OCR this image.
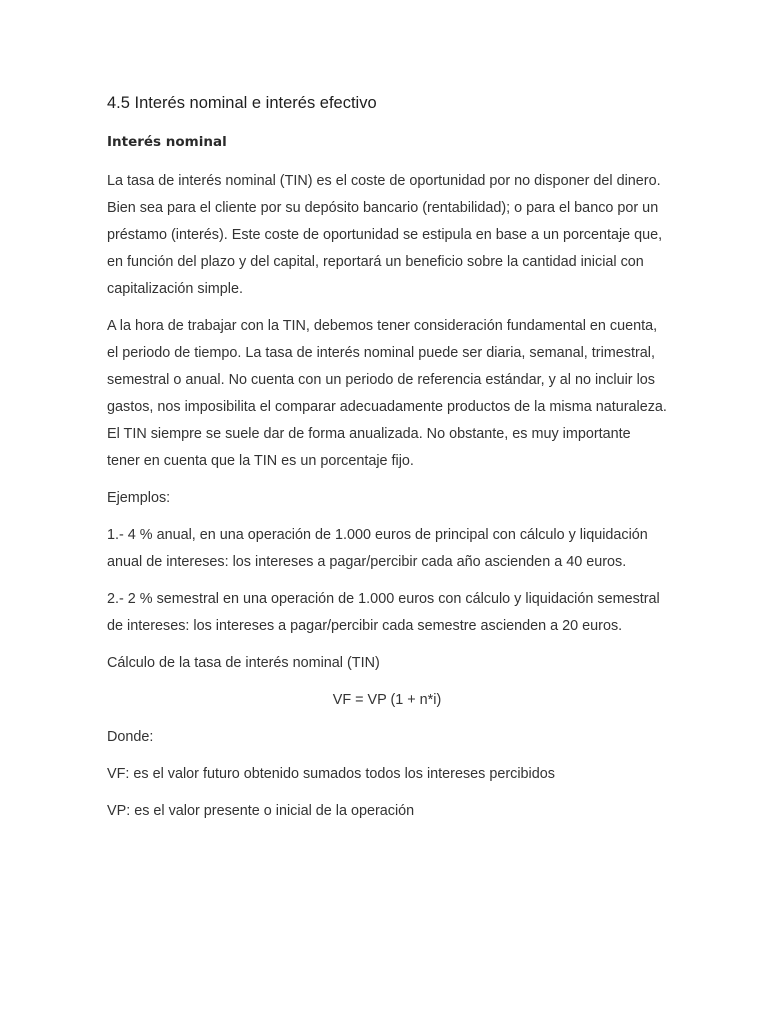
4.5 Interés nominal e interés efectivo
Interés nominal

La tasa de interés nominal (TIN) es el coste de oportunidad por no disponer del dinero. Bien sea para el cliente por su depósito bancario (rentabilidad); o para el banco por un préstamo (interés). Este coste de oportunidad se estipula en base a un porcentaje que, en función del plazo y del capital, reportará un beneficio sobre la cantidad inicial con capitalización simple.

A la hora de trabajar con la TIN, debemos tener consideración fundamental en cuenta, el periodo de tiempo. La tasa de interés nominal puede ser diaria, semanal, trimestral, semestral o anual. No cuenta con un periodo de referencia estándar, y al no incluir los gastos, nos imposibilita el comparar adecuadamente productos de la misma naturaleza. El TIN siempre se suele dar de forma anualizada. No obstante, es muy importante tener en cuenta que la TIN es un porcentaje fijo.

Ejemplos:

1.- 4 % anual, en una operación de 1.000 euros de principal con cálculo y liquidación anual de intereses: los intereses a pagar/percibir cada año ascienden a 40 euros.

2.- 2 % semestral en una operación de 1.000 euros con cálculo y liquidación semestral de intereses: los intereses a pagar/percibir cada semestre ascienden a 20 euros.

Cálculo de la tasa de interés nominal (TIN)

VF = VP (1 + n*i)

Donde:

VF: es el valor futuro obtenido sumados todos los intereses percibidos

VP: es el valor presente o inicial de la operación
